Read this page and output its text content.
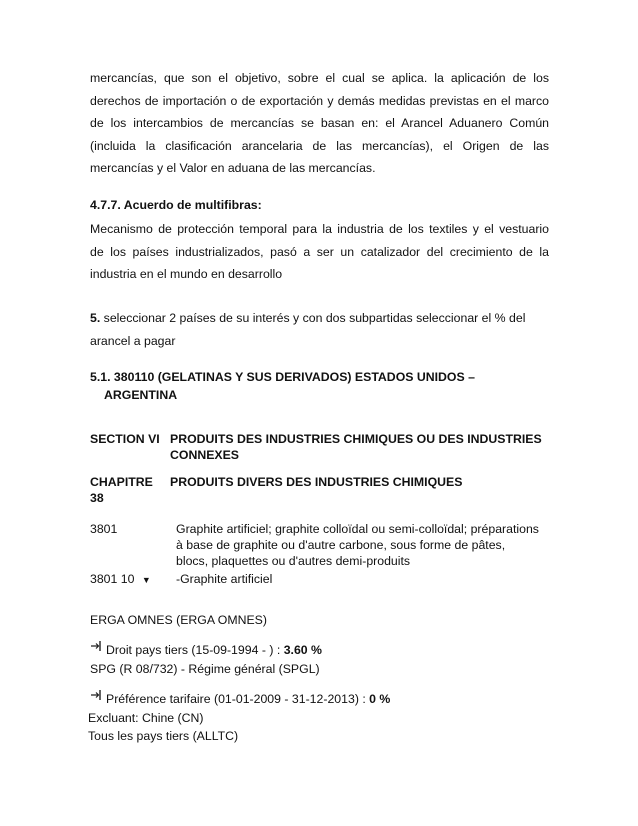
mercancías, que son el objetivo, sobre el cual se aplica. la aplicación de los
derechos de importación o de exportación y demás medidas previstas en el marco
de los intercambios de mercancías se basan en: el Arancel Aduanero Común
(incluida la clasificación arancelaria de las mercancías), el Origen de las
mercancías y el Valor en aduana de las mercancías.
4.7.7. Acuerdo de multifibras:
Mecanismo de protección temporal para la industria de los textiles y el vestuario
de los países industrializados, pasó a ser un catalizador del crecimiento de la
industria en el mundo en desarrollo
5. seleccionar 2 países de su interés y con dos subpartidas seleccionar el % del
arancel a pagar
5.1. 380110 (GELATINAS Y SUS DERIVADOS) ESTADOS UNIDOS –
ARGENTINA
SECTION VI PRODUITS DES INDUSTRIES CHIMIQUES OU DES INDUSTRIES
CONNEXES
CHAPITRE
38
PRODUITS DIVERS DES INDUSTRIES CHIMIQUES
3801	Graphite artificiel; graphite colloïdal ou semi-colloïdal; préparations
à base de graphite ou d'autre carbone, sous forme de pâtes,
blocs, plaquettes ou d'autres demi-produits
3801 10 ▼ -Graphite artificiel
ERGA OMNES (ERGA OMNES)
Droit pays tiers (15-09-1994 - ) : 3.60 %
SPG (R 08/732) - Régime général (SPGL)
Préférence tarifaire (01-01-2009 - 31-12-2013) : 0 %
Excluant: Chine (CN)
Tous les pays tiers (ALLTC)
